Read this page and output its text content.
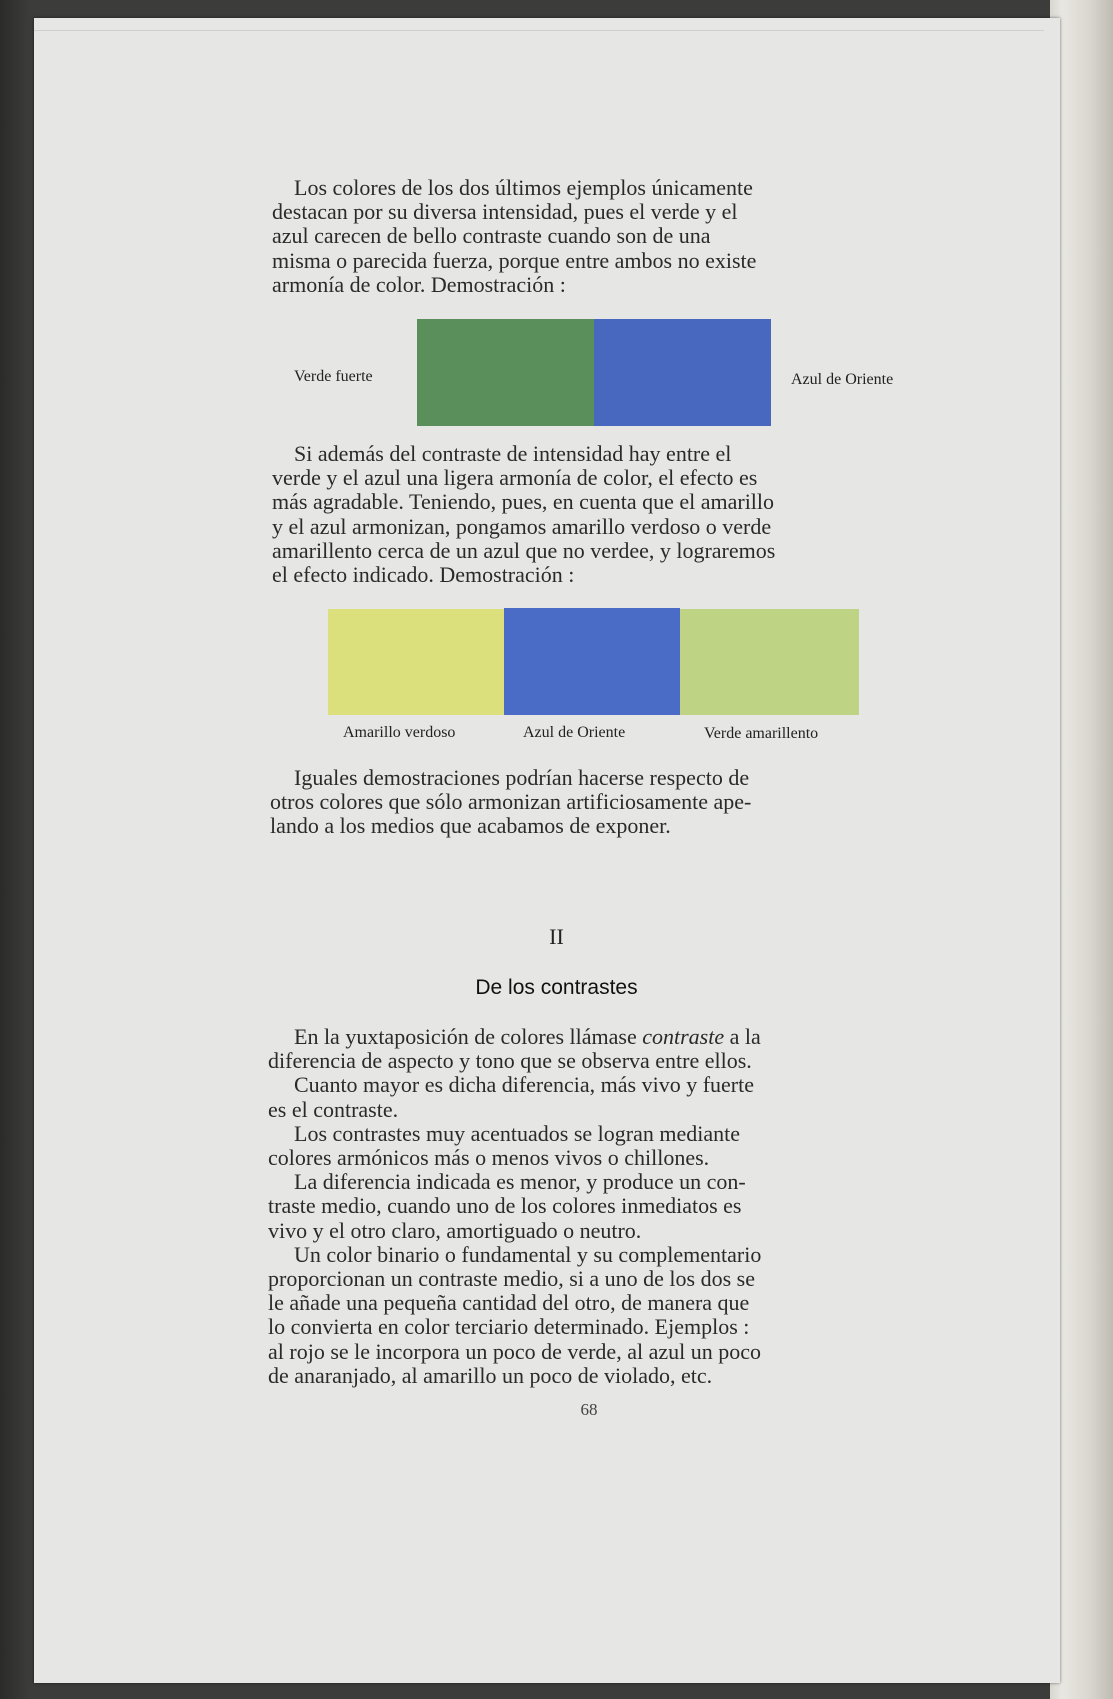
Los colores de los dos últimos ejemplos únicamente
destacan por su diversa intensidad, pues el verde y el
azul carecen de bello contraste cuando son de una
misma o parecida fuerza, porque entre ambos no existe
armonía de color. Demostración :
Verde fuerte	Azul de Oriente
Si además del contraste de intensidad hay entre el
verde y el azul una ligera armonía de color, el efecto es
más agradable. Teniendo, pues, en cuenta que el amarillo
y el azul armonizan, pongamos amarillo verdoso o verde
amarillento cerca de un azul que no verdee, y lograremos
el efecto indicado. Demostración :
Amarillo verdoso	Azul de Oriente	Verde amarillento
Iguales demostraciones podrían hacerse respecto de
otros colores que sólo armonizan artificiosamente ape-
lando a los medios que acabamos de exponer.
II
De los contrastes
En la yuxtaposición de colores llámase contraste a la
diferencia de aspecto y tono que se observa entre ellos.
Cuanto mayor es dicha diferencia, más vivo y fuerte
es el contraste.
Los contrastes muy acentuados se logran mediante
colores armónicos más o menos vivos o chillones.
La diferencia indicada es menor, y produce un con-
traste medio, cuando uno de los colores inmediatos es
vivo y el otro claro, amortiguado o neutro.
Un color binario o fundamental y su complementario
proporcionan un contraste medio, si a uno de los dos se
le añade una pequeña cantidad del otro, de manera que
lo convierta en color terciario determinado. Ejemplos :
al rojo se le incorpora un poco de verde, al azul un poco
de anaranjado, al amarillo un poco de violado, etc.
68
